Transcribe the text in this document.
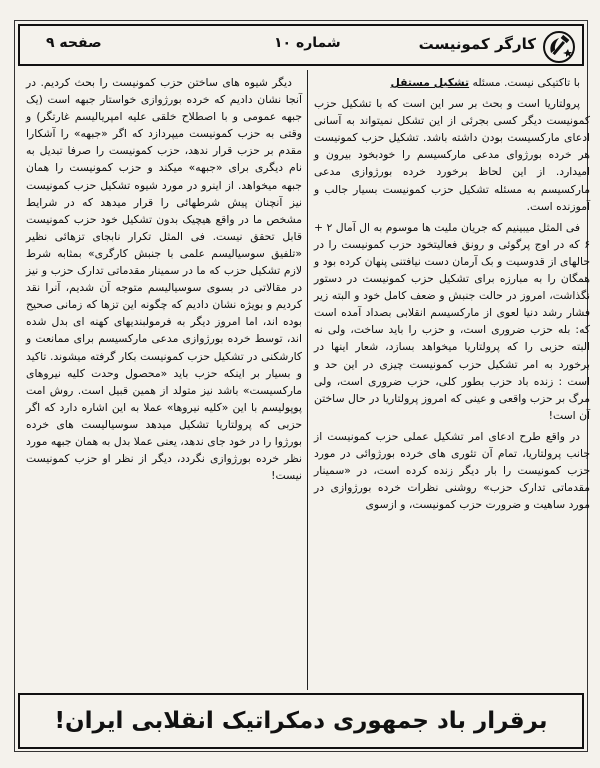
کارگر کمونیست
شماره ۱۰
صفحه ۹

با تاکتیکی نیست. مسئله تشکیل مستقل

پرولتاریا است و بحث بر سر این است که با تشکیل حزب کمونیست دیگر کسی بجرئی از این تشکل نمیتواند به آسانی ادعای مارکسیست بودن داشته باشد. تشکیل حزب کمونیست هر خرده بورژوای مدعی مارکسیسم را خودبخود بیرون و امیدارد. از این لحاظ برخورد خرده بورژوازی مدعی مارکسیسم به مسئله تشکیل حزب کمونیست بسیار جالب و آموزنده است.

فی المثل میبینیم که جریان ملیت ها موسوم به ال آمال ۲ + ۶ که در اوج پرگوئی و رونق فعالیتخود حزب کمونیست را در حالهای از قدوسیت و بک آرمان دست نیافتنی پنهان کرده بود و همگان را به مبارزه برای تشکیل حزب کمونیست در دستور نگذاشت، امروز در حالت جنبش و ضعف کامل خود و البته زیر فشار رشد دنیا لعوی از مارکسیسم انقلابی بصداد آمده است که: بله حزب ضروری است، و حزب را باید ساخت، ولی نه البته حزبی را که پرولتاریا میخواهد بسازد، شعار اینها در برخورد به امر تشکیل حزب کمونیست چیزی در این حد و است : زنده باد حزب بطور کلی، حزب ضروری است، ولی مرگ بر حزب واقعی و عینی که امروز پرولتاریا در حال ساختن آن است!

در واقع طرح ادعای امر تشکیل عملی حزب کمونیست از جانب پرولتاریا، تمام آن تئوری های خرده بورژوائی در مورد حزب کمونیست را بار دیگر زنده کرده است، در «سمینار مقدماتی تدارک حزب» روشنی نظرات خرده بورژوازی در مورد ساهیت و ضرورت حزب کمونیست، و ازسوی

دیگر شیوه های ساختن حزب کمونیست را بحث کردیم. در آنجا نشان دادیم که خرده بورژوازی خواستار جبهه است (یک جبهه عمومی و با اصطلاح خلقی علیه امپریالیسم غارتگر) و وقتی به حزب کمونیست میپردازد که اگر «جبهه» را آشکارا مقدم بر حزب قرار ندهد، حزب کمونیست را صرفا تبدیل به نام دیگری برای «جبهه» میکند و حزب کمونیست را همان جبهه میخواهد. از اینرو در مورد شیوه تشکیل حزب کمونیست نیز آنچنان پیش شرطهائی را قرار میدهد که در شرایط مشخص ما در واقع هیچیک بدون تشکیل خود حزب کمونیست قابل تحقق نیست. فی المثل تکرار نابجای تزهائی نظیر «تلفیق سوسیالیسم علمی با جنبش کارگری» بمثابه شرط لازم تشکیل حزب که ما در سمینار مقدماتی تدارک حزب و نیز در مقالاتی در بسوی سوسیالیسم متوجه آن شدیم، آنرا نقد کردیم و بویژه نشان دادیم که چگونه این تزها که زمانی صحیح بوده اند، اما امروز دیگر به فرمولبندیهای کهنه ای بدل شده اند، توسط خرده بورژوازی مدعی مارکسیسم برای ممانعت و کارشکنی در تشکیل حزب کمونیست بکار گرفته میشوند. تاکید و بسیار بر اینکه حزب باید «محصول وحدت کلیه نیروهای مارکسیست» باشد نیز متولد از همین قبیل است. روش امت پوپولیسم با این «کلیه نیروها» عملا به این اشاره دارد که اگر حزبی که پرولتاریا تشکیل میدهد سوسیالیست های خرده بورژوا را در خود جای ندهد، یعنی عملا بدل به همان جبهه مورد نظر خرده بورژوازی نگردد، دیگر از نظر او حزب کمونیست نیست!

برقرار باد جمهوری دمکراتیک انقلابی ایران!
